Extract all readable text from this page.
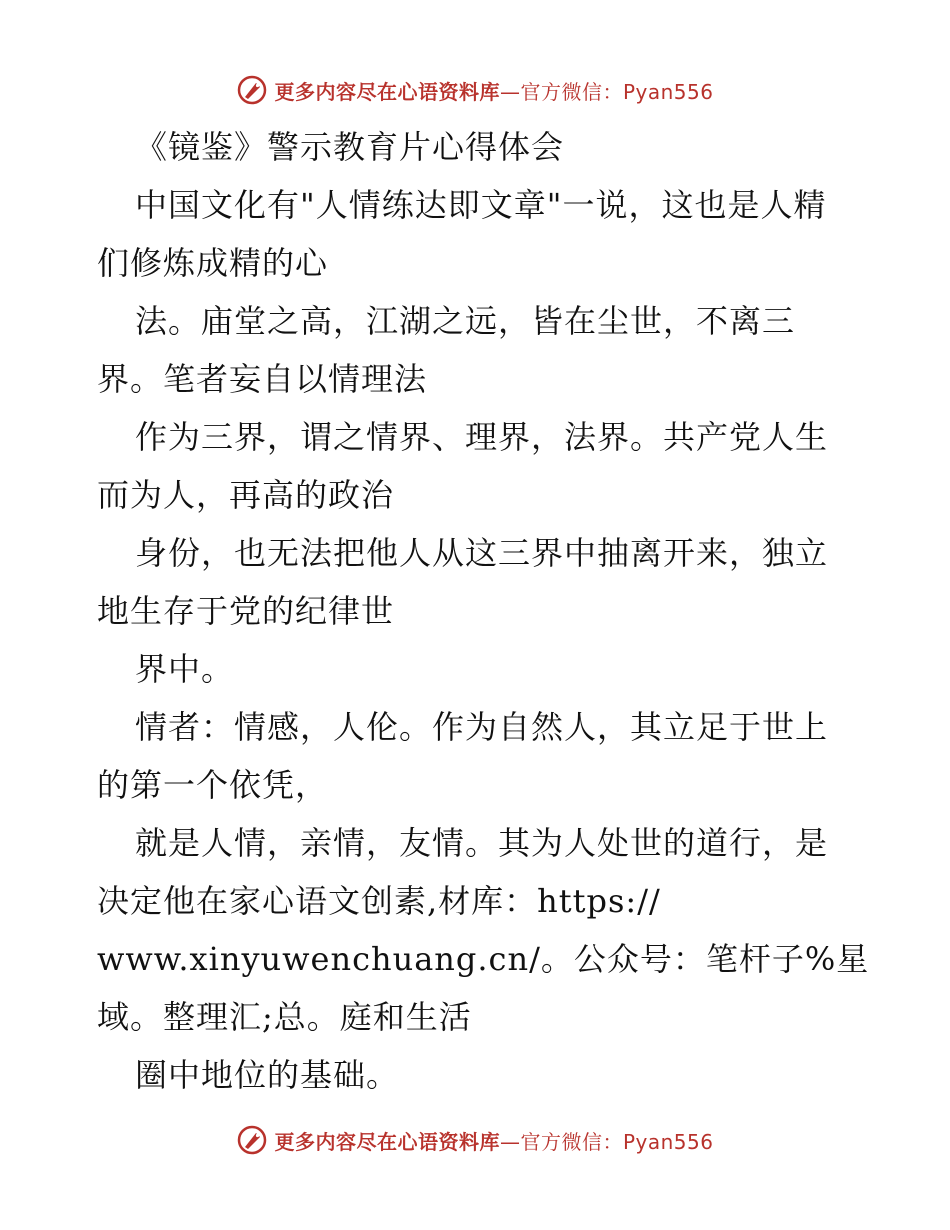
更多内容尽在心语资料库—官方微信：Pyan556
《镜鉴》警示教育片心得体会
中国文化有"人情练达即文章"一说，这也是人精
们修炼成精的心
法。庙堂之高，江湖之远，皆在尘世，不离三
界。笔者妄自以情理法
作为三界，谓之情界、理界，法界。共产党人生
而为人，再高的政治
身份，也无法把他人从这三界中抽离开来，独立
地生存于党的纪律世
界中。
情者：情感，人伦。作为自然人，其立足于世上
的第一个依凭，
就是人情，亲情，友情。其为人处世的道行，是
决定他在家心语文创素,材库：https://
www.xinyuwenchuang.cn/。公众号：笔杆子%星
域。整理汇;总。庭和生活
圈中地位的基础。
更多内容尽在心语资料库—官方微信：Pyan556
